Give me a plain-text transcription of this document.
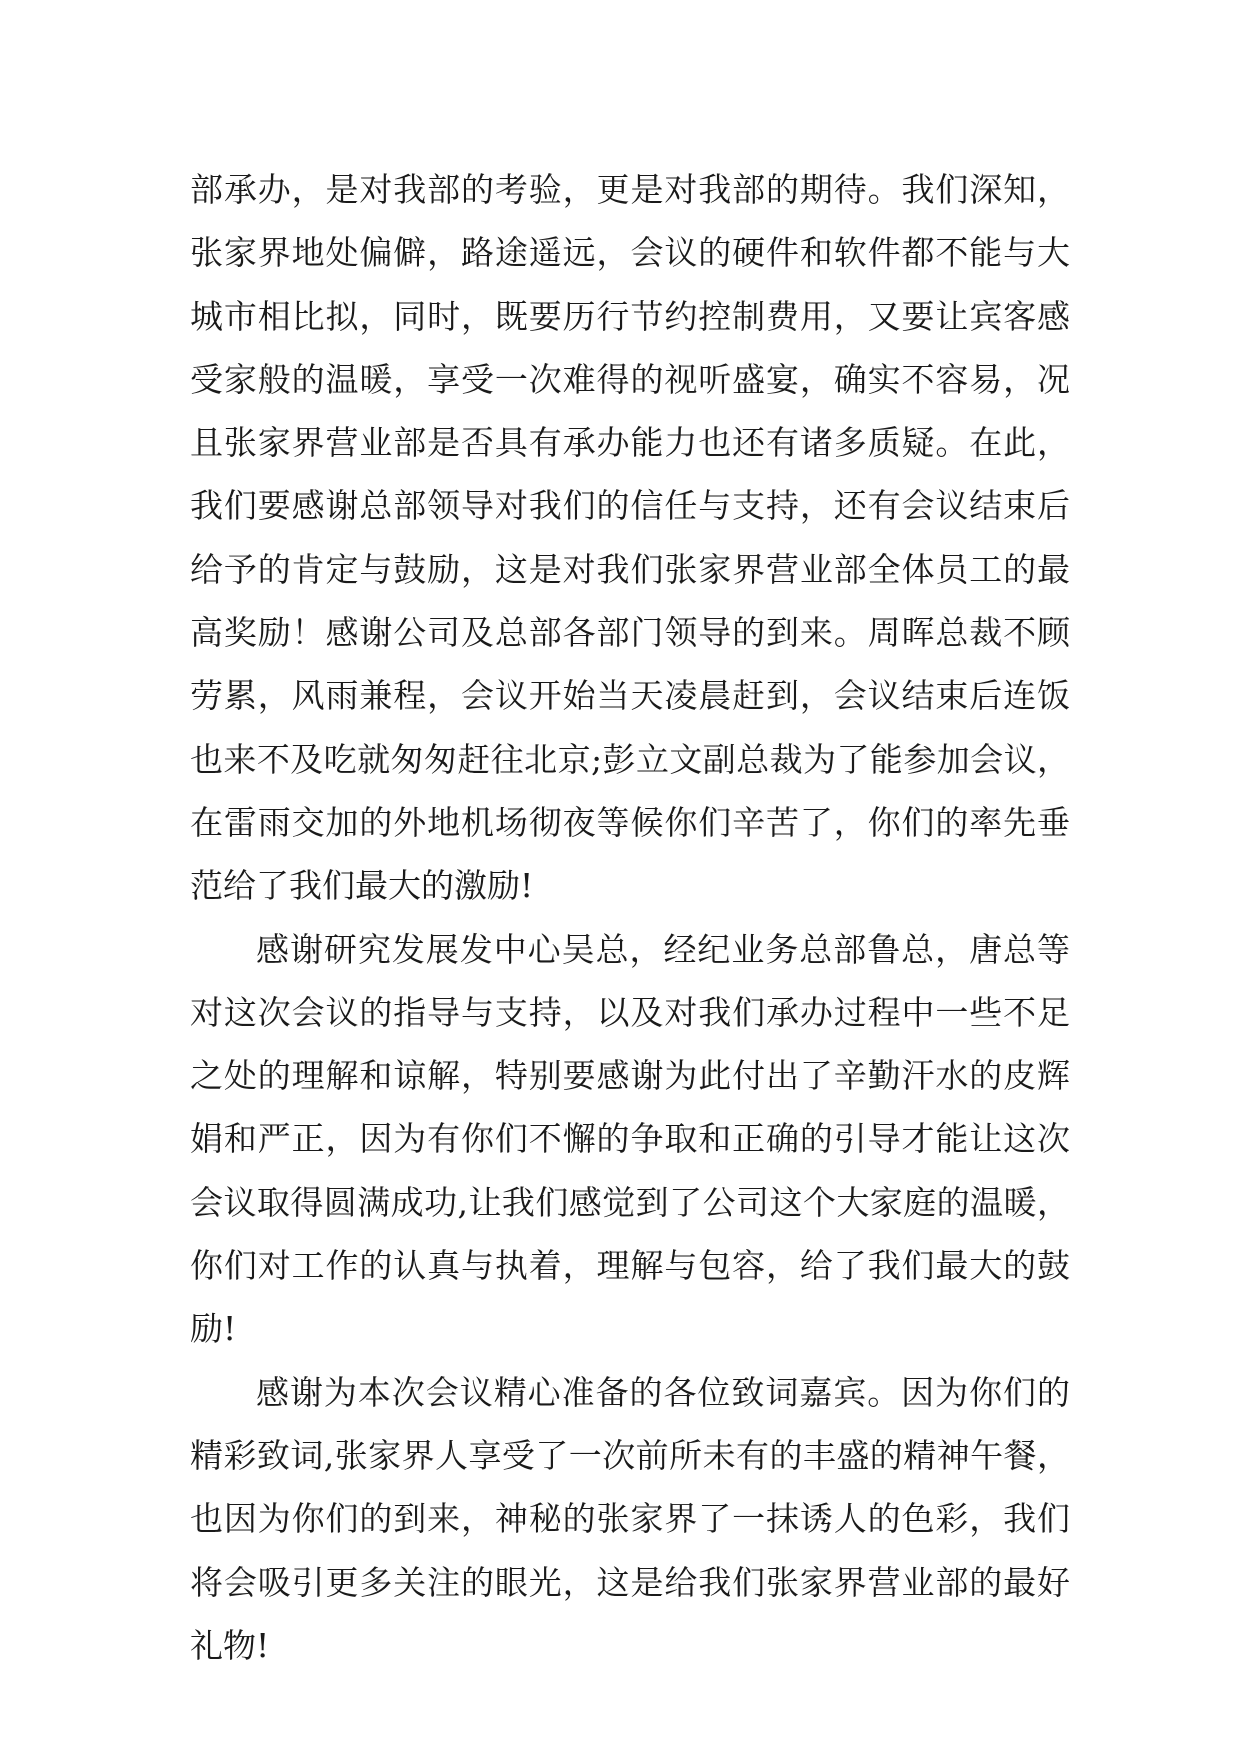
部承办，是对我部的考验，更是对我部的期待。我们深知，
张家界地处偏僻，路途遥远，会议的硬件和软件都不能与大
城市相比拟，同时，既要历行节约控制费用，又要让宾客感
受家般的温暖，享受一次难得的视听盛宴，确实不容易，况
且张家界营业部是否具有承办能力也还有诸多质疑。在此，
我们要感谢总部领导对我们的信任与支持，还有会议结束后
给予的肯定与鼓励，这是对我们张家界营业部全体员工的最
高奖励！感谢公司及总部各部门领导的到来。周晖总裁不顾
劳累，风雨兼程，会议开始当天凌晨赶到，会议结束后连饭
也来不及吃就匆匆赶往北京;彭立文副总裁为了能参加会议，
在雷雨交加的外地机场彻夜等候你们辛苦了，你们的率先垂
范给了我们最大的激励!
感谢研究发展发中心吴总，经纪业务总部鲁总，唐总等
对这次会议的指导与支持，以及对我们承办过程中一些不足
之处的理解和谅解，特别要感谢为此付出了辛勤汗水的皮辉
娟和严正，因为有你们不懈的争取和正确的引导才能让这次
会议取得圆满成功,让我们感觉到了公司这个大家庭的温暖，
你们对工作的认真与执着，理解与包容，给了我们最大的鼓
励!
感谢为本次会议精心准备的各位致词嘉宾。因为你们的
精彩致词,张家界人享受了一次前所未有的丰盛的精神午餐，
也因为你们的到来，神秘的张家界了一抹诱人的色彩，我们
将会吸引更多关注的眼光，这是给我们张家界营业部的最好
礼物!
